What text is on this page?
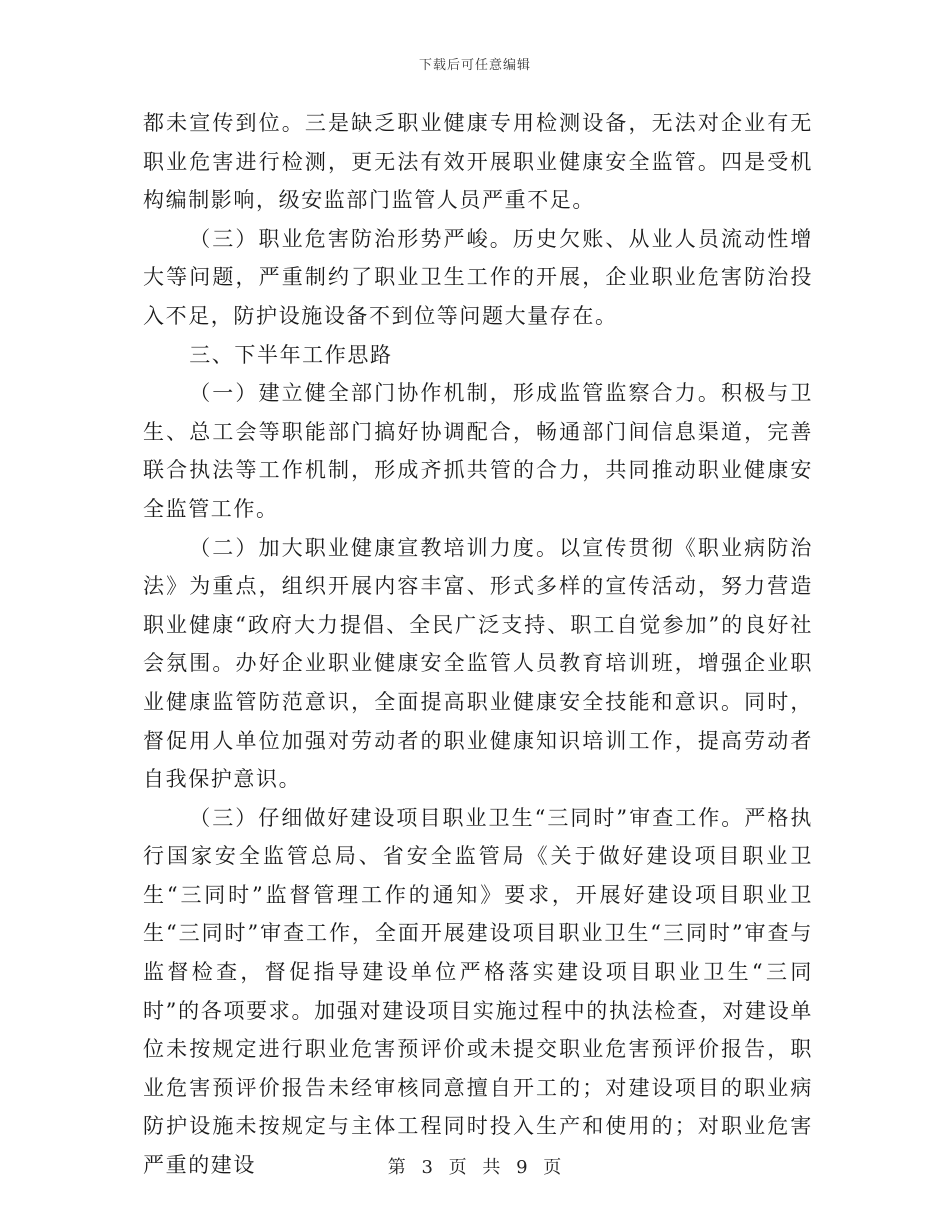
下载后可任意编辑

都未宣传到位。三是缺乏职业健康专用检测设备，无法对企业有无职业危害进行检测，更无法有效开展职业健康安全监管。四是受机构编制影响，级安监部门监管人员严重不足。

（三）职业危害防治形势严峻。历史欠账、从业人员流动性增大等问题，严重制约了职业卫生工作的开展，企业职业危害防治投入不足，防护设施设备不到位等问题大量存在。

三、下半年工作思路

（一）建立健全部门协作机制，形成监管监察合力。积极与卫生、总工会等职能部门搞好协调配合，畅通部门间信息渠道，完善联合执法等工作机制，形成齐抓共管的合力，共同推动职业健康安全监管工作。

（二）加大职业健康宣教培训力度。以宣传贯彻《职业病防治法》为重点，组织开展内容丰富、形式多样的宣传活动，努力营造职业健康“政府大力提倡、全民广泛支持、职工自觉参加”的良好社会氛围。办好企业职业健康安全监管人员教育培训班，增强企业职业健康监管防范意识，全面提高职业健康安全技能和意识。同时，督促用人单位加强对劳动者的职业健康知识培训工作，提高劳动者自我保护意识。

（三）仔细做好建设项目职业卫生“三同时”审查工作。严格执行国家安全监管总局、省安全监管局《关于做好建设项目职业卫生“三同时”监督管理工作的通知》要求，开展好建设项目职业卫生“三同时”审查工作，全面开展建设项目职业卫生“三同时”审查与监督检查，督促指导建设单位严格落实建设项目职业卫生“三同时”的各项要求。加强对建设项目实施过程中的执法检查，对建设单位未按规定进行职业危害预评价或未提交职业危害预评价报告，职业危害预评价报告未经审核同意擅自开工的；对建设项目的职业病防护设施未按规定与主体工程同时投入生产和使用的；对职业危害严重的建设	第 3 页 共 9 页
